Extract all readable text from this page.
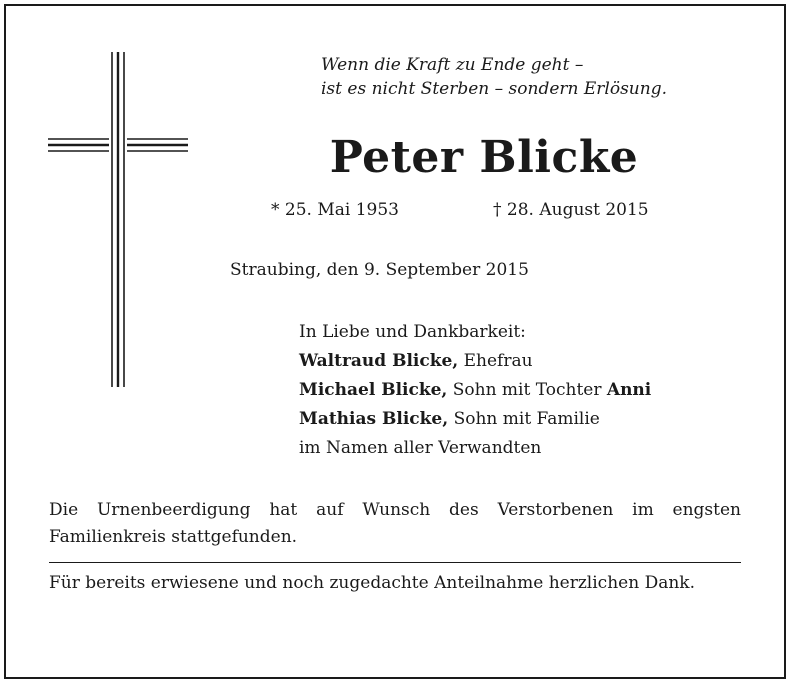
Wenn die Kraft zu Ende geht –
ist es nicht Sterben – sondern Erlösung.
Peter Blicke
* 25. Mai 1953	† 28. August 2015
Straubing, den 9. September 2015
In Liebe und Dankbarkeit:
Waltraud Blicke, Ehefrau
Michael Blicke, Sohn mit Tochter Anni
Mathias Blicke, Sohn mit Familie
im Namen aller Verwandten
Die Urnenbeerdigung hat auf Wunsch des Verstorbenen im engsten Familienkreis stattgefunden.
Für bereits erwiesene und noch zugedachte Anteilnahme herzlichen Dank.
